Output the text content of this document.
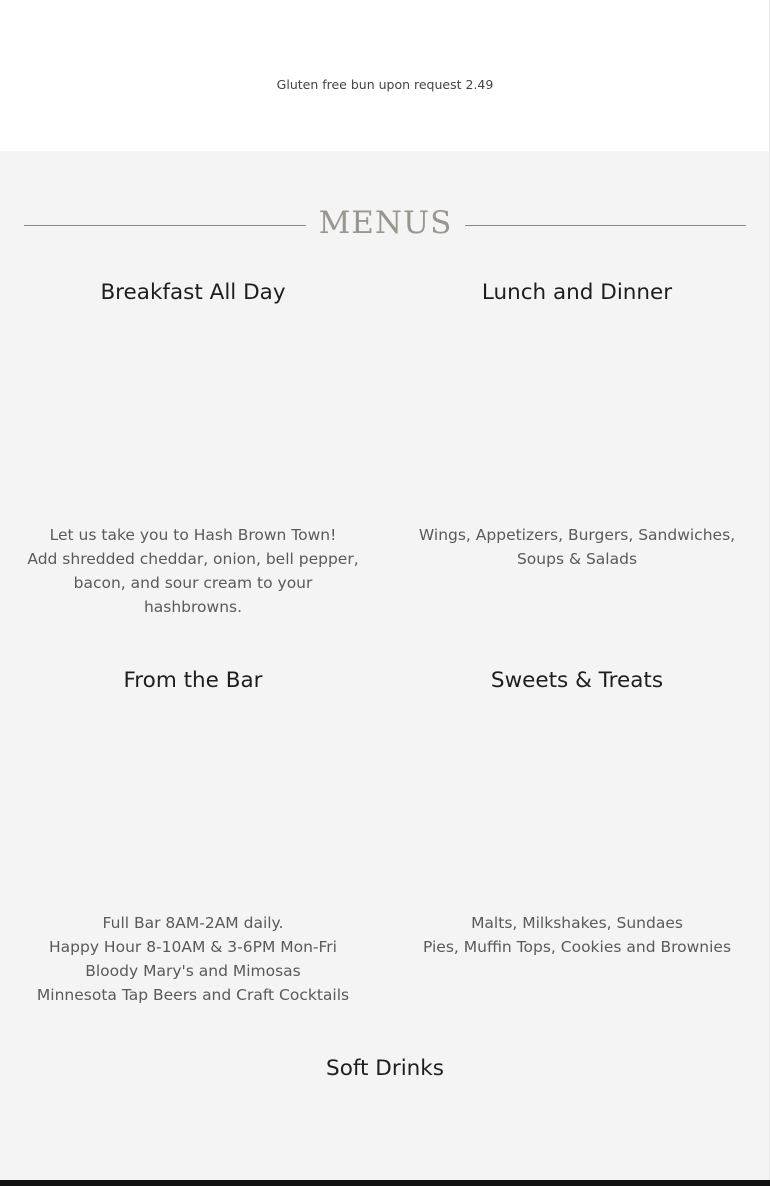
Gluten free bun upon request 2.49
MENUS
Breakfast All Day
Let us take you to Hash Brown Town!
Add shredded cheddar, onion, bell pepper,
bacon, and sour cream to your
hashbrowns.
Lunch and Dinner
Wings, Appetizers, Burgers, Sandwiches,
Soups & Salads
From the Bar
Full Bar 8AM-2AM daily.
Happy Hour 8-10AM & 3-6PM Mon-Fri
Bloody Mary's and Mimosas
Minnesota Tap Beers and Craft Cocktails
Sweets & Treats
Malts, Milkshakes, Sundaes
Pies, Muffin Tops, Cookies and Brownies
Soft Drinks
